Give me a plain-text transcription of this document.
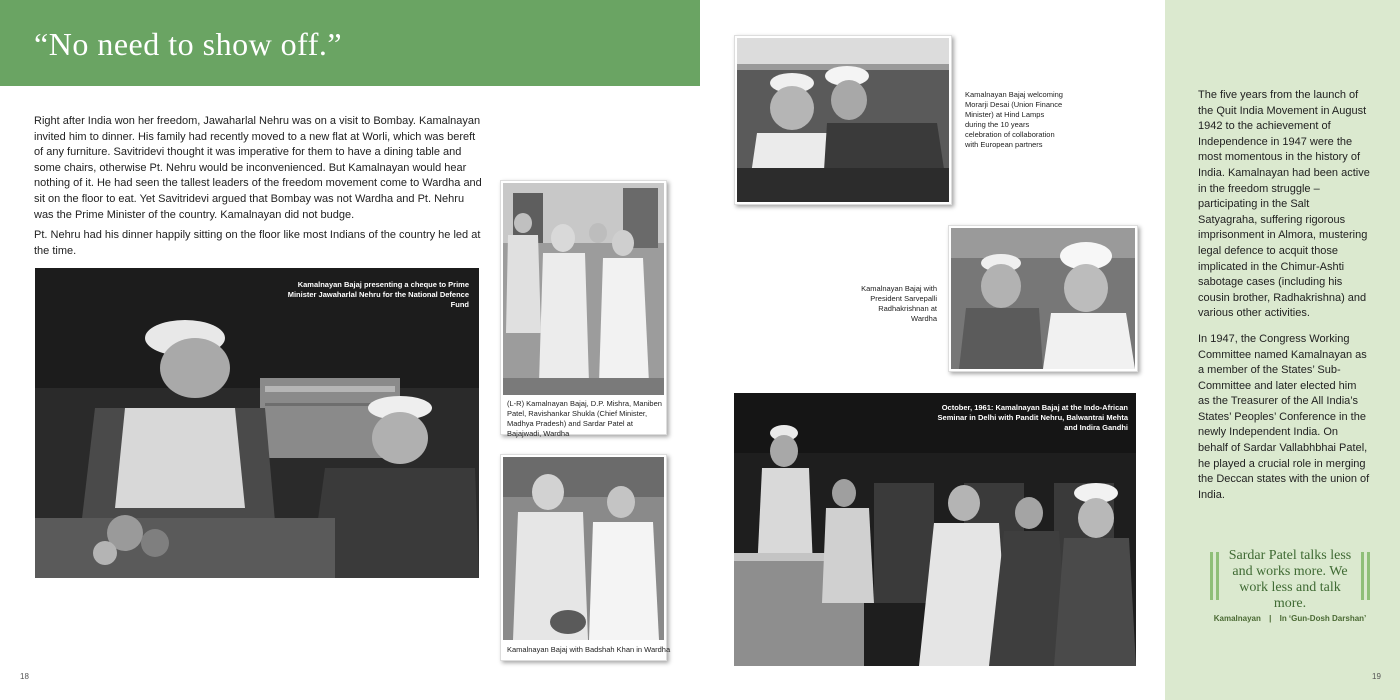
“No need to show off.”

Right after India won her freedom, Jawaharlal Nehru was on a visit to Bombay. Kamalnayan invited him to dinner. His family had recently moved to a new flat at Worli, which was bereft of any furniture. Savitridevi thought it was imperative for them to have a dining table and some chairs, otherwise Pt. Nehru would be inconvenienced. But Kamalnayan would hear nothing of it. He had seen the tallest leaders of the freedom movement come to Wardha and sit on the floor to eat. Yet Savitridevi argued that Bombay was not Wardha and Pt. Nehru was the Prime Minister of the country. Kamalnayan did not budge.

Pt. Nehru had his dinner happily sitting on the floor like most Indians of the country he led at the time.

Kamalnayan Bajaj presenting a cheque to Prime Minister Jawaharlal Nehru for the National Defence Fund
(L-R) Kamalnayan Bajaj, D.P. Mishra, Maniben Patel, Ravishankar Shukla (Chief Minister, Madhya Pradesh) and Sardar Patel at Bajajwadi, Wardha
Kamalnayan Bajaj with Badshah Khan in Wardha
18
Kamalnayan Bajaj welcoming Morarji Desai (Union Finance Minister) at Hind Lamps during the 10 years celebration of collaboration with European partners
Kamalnayan Bajaj with President Sarvepalli Radhakrishnan at Wardha
October, 1961: Kamalnayan Bajaj at the Indo-African Seminar in Delhi with Pandit Nehru, Balwantrai Mehta and Indira Gandhi

The five years from the launch of the Quit India Movement in August 1942 to the achievement of Independence in 1947 were the most momentous in the history of India. Kamalnayan had been active in the freedom struggle – participating in the Salt Satyagraha, suffering rigorous imprisonment in Almora, mustering legal defence to acquit those implicated in the Chimur-Ashti sabotage cases (including his cousin brother, Radhakrishna) and various other activities.

In 1947, the Congress Working Committee named Kamalnayan as a member of the States’ Sub-Committee and later elected him as the Treasurer of the All India’s States’ Peoples’ Conference in the newly Independent India. On behalf of Sardar Vallabhbhai Patel, he played a crucial role in merging the Deccan states with the union of India.

Sardar Patel talks less and works more. We work less and talk more.
Kamalnayan | In ‘Gun-Dosh Darshan’
19
